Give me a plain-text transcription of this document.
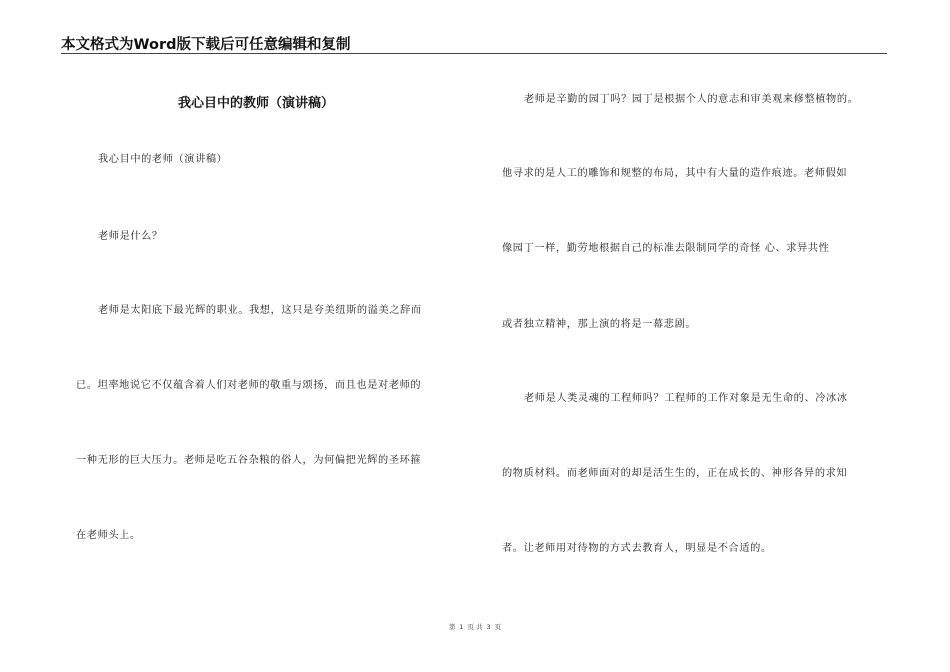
本文格式为Word版下载后可任意编辑和复制
我心目中的教师（演讲稿）
我心目中的老师（演讲稿）
老师是什么？
老师是太阳底下最光辉的职业。我想，这只是夸美纽斯的溢美之辞而
已。坦率地说它不仅蕴含着人们对老师的敬重与颂扬，而且也是对老师的
一种无形的巨大压力。老师是吃五谷杂粮的俗人，为何偏把光辉的圣环箍
在老师头上。
老师是辛勤的园丁吗？园丁是根据个人的意志和审美观来修整植物的。
他寻求的是人工的雕饰和规整的布局，其中有大量的造作痕迹。老师假如
像园丁一样，勤劳地根据自己的标准去限制同学的奇怪 心、求异共性
或者独立精神，那上演的将是一幕悲剧。
老师是人类灵魂的工程师吗？工程师的工作对象是无生命的、冷冰冰
的物质材料。而老师面对的却是活生生的，正在成长的、神形各异的求知
者。让老师用对待物的方式去教育人，明显是不合适的。
第 1 页 共 3 页
